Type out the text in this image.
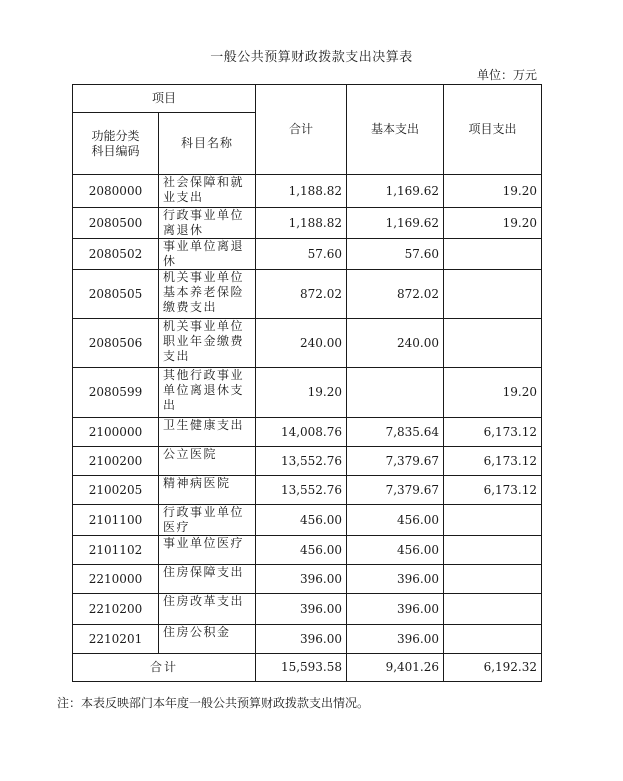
一般公共预算财政拨款支出决算表
单位：万元
项目		合计	基本支出	项目支出
功能分类
科目编码	科目名称			
2080000	社会保障和就业支出	1,188.82	1,169.62	19.20
2080500	行政事业单位离退休	1,188.82	1,169.62	19.20
2080502	事业单位离退休	57.60	57.60	
2080505	机关事业单位基本养老保险缴费支出	872.02	872.02	
2080506	机关事业单位职业年金缴费支出	240.00	240.00	
2080599	其他行政事业单位离退休支出	19.20		19.20
2100000	卫生健康支出	14,008.76	7,835.64	6,173.12
2100200	公立医院	13,552.76	7,379.67	6,173.12
2100205	精神病医院	13,552.76	7,379.67	6,173.12
2101100	行政事业单位医疗	456.00	456.00	
2101102	事业单位医疗	456.00	456.00	
2210000	住房保障支出	396.00	396.00	
2210200	住房改革支出	396.00	396.00	
2210201	住房公积金	396.00	396.00	
合计		15,593.58	9,401.26	6,192.32
注：本表反映部门本年度一般公共预算财政拨款支出情况。
